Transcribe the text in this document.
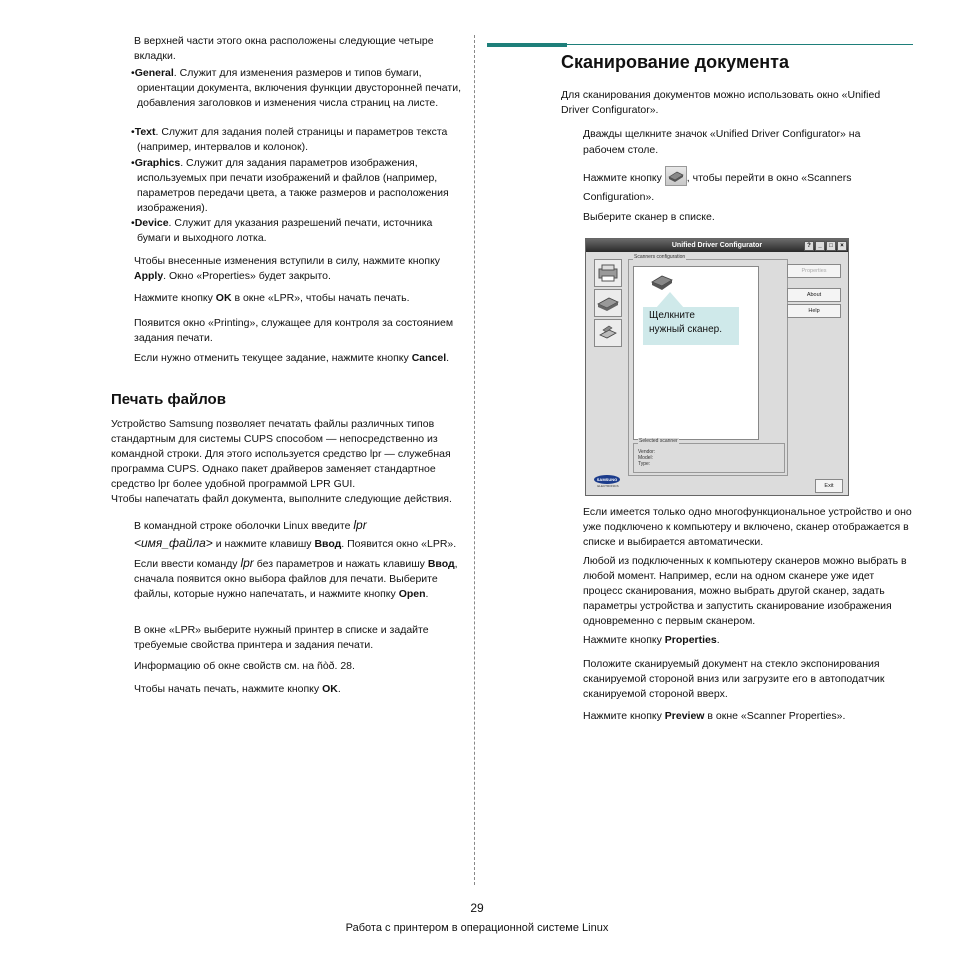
В верхней части этого окна расположены следующие четыре вкладки.

•General. Служит для изменения размеров и типов бумаги, ориентации документа, включения функции двусторонней печати, добавления заголовков и изменения числа страниц на листе.

•Text. Служит для задания полей страницы и параметров текста (например, интервалов и колонок).

•Graphics. Служит для задания параметров изображения, используемых при печати изображений и файлов (например, параметров передачи цвета, а также размеров и расположения изображения).

•Device. Служит для указания разрешений печати, источника бумаги и выходного лотка.

Чтобы внесенные изменения вступили в силу, нажмите кнопку Apply. Окно «Properties» будет закрыто.

Нажмите кнопку OK в окне «LPR», чтобы начать печать.

Появится окно «Printing», служащее для контроля за состоянием задания печати.

Если нужно отменить текущее задание, нажмите кнопку Cancel.

Печать файлов

Устройство Samsung позволяет печатать файлы различных типов стандартным для системы CUPS способом — непосредственно из командной строки. Для этого используется средство lpr — служебная программа CUPS. Однако пакет драйверов заменяет стандартное средство lpr более удобной программой LPR GUI.

Чтобы напечатать файл документа, выполните следующие действия.

В командной строке оболочки Linux введите lpr
<имя_файла> и нажмите клавишу Ввод. Появится окно «LPR».

Если ввести команду lpr без параметров и нажать клавишу Ввод, сначала появится окно выбора файлов для печати. Выберите файлы, которые нужно напечатать, и нажмите кнопку Open.

В окне «LPR» выберите нужный принтер в списке и задайте требуемые свойства принтера и задания печати.

Информацию об окне свойств см. на ñòð. 28.

Чтобы начать печать, нажмите кнопку OK.

Сканирование документа

Для сканирования документов можно использовать окно «Unified Driver Configurator».

Дважды щелкните значок «Unified Driver Configurator» на рабочем столе.

Нажмите кнопку
, чтобы перейти в окно «Scanners Configuration».

Выберите сканер в списке.

Unified Driver Configurator	?	_	□	×
Scanners configuration
Selected scanner
Vendor:
Model:
Type:
Properties
About
Help
Exit
SAMSUNG
ELECTRONICS
Щелкните нужный сканер.

Если имеется только одно многофункциональное устройство и оно уже подключено к компьютеру и включено, сканер отображается в списке и выбирается автоматически.

Любой из подключенных к компьютеру сканеров можно выбрать в любой момент. Например, если на одном сканере уже идет процесс сканирования, можно выбрать другой сканер, задать параметры устройства и запустить сканирование изображения одновременно с первым сканером.

Нажмите кнопку Properties.

Положите сканируемый документ на стекло экспонирования сканируемой стороной вниз или загрузите его в автоподатчик сканируемой стороной вверх.

Нажмите кнопку Preview в окне «Scanner Properties».

29
Работа с принтером в операционной системе Linux
